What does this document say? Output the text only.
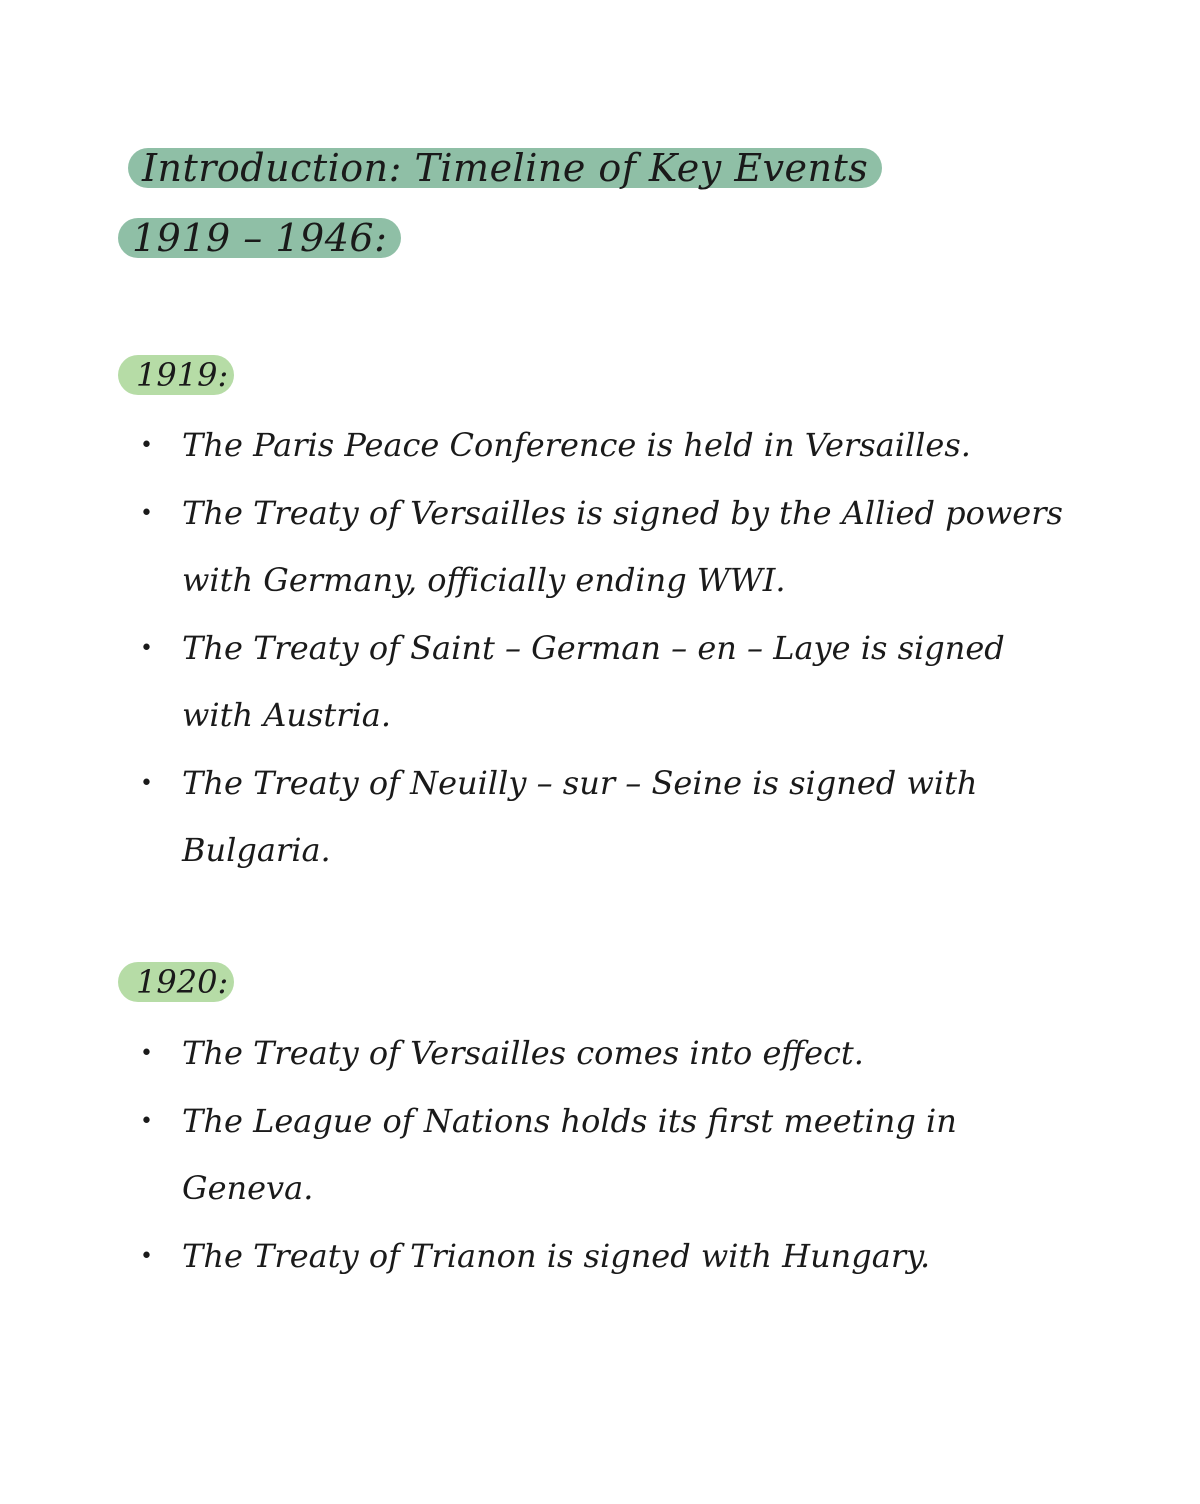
Introduction: Timeline of Key Events
1919 – 1946:
1919:
• The Paris Peace Conference is held in Versailles.
• The Treaty of Versailles is signed by the Allied powers with Germany, officially ending WWI.
• The Treaty of Saint – German – en – Laye is signed with Austria.
• The Treaty of Neuilly – sur – Seine is signed with Bulgaria.
1920:
• The Treaty of Versailles comes into effect.
• The League of Nations holds its first meeting in Geneva.
• The Treaty of Trianon is signed with Hungary.
